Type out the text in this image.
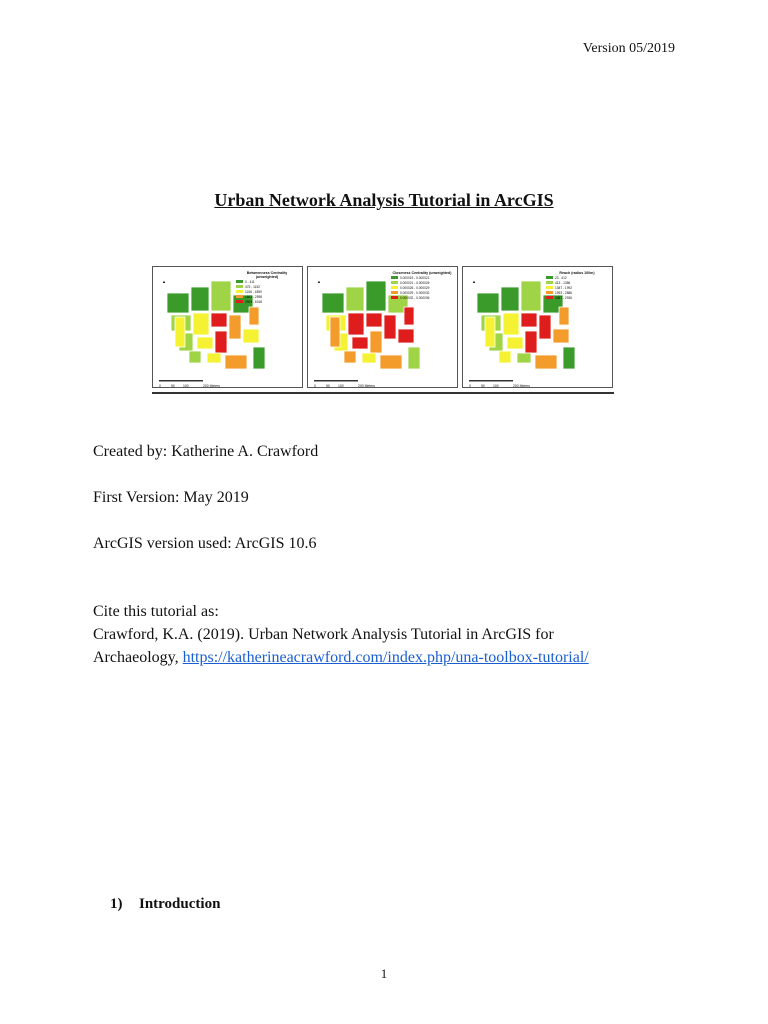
Version 05/2019
Urban Network Analysis Tutorial in ArcGIS
▲
Betweenness Centrality (unweighted)
0 - 411
475 - 1152
1156 - 1859
1861 - 2598
2599 - 6318
0	50 100	200 Meters
▲
Closeness Centrality (unweighted)
0.000019 - 0.000021
0.000021 - 0.000026
0.000026 - 0.000029
0.000029 - 0.000032
0.000032 - 0.000036
0	50 100	200 Meters
▲
Reach (radius 100m)
23 - 412
413 - 1386
1387 - 1992
1993 - 2886
2887 - 2936
0	50 100	200 Meters
Created by: Katherine A. Crawford
First Version: May 2019
ArcGIS version used: ArcGIS 10.6
Cite this tutorial as:
Crawford, K.A. (2019). Urban Network Analysis Tutorial in ArcGIS for
Archaeology, https://katherineacrawford.com/index.php/una-toolbox-tutorial/
1) Introduction
1
